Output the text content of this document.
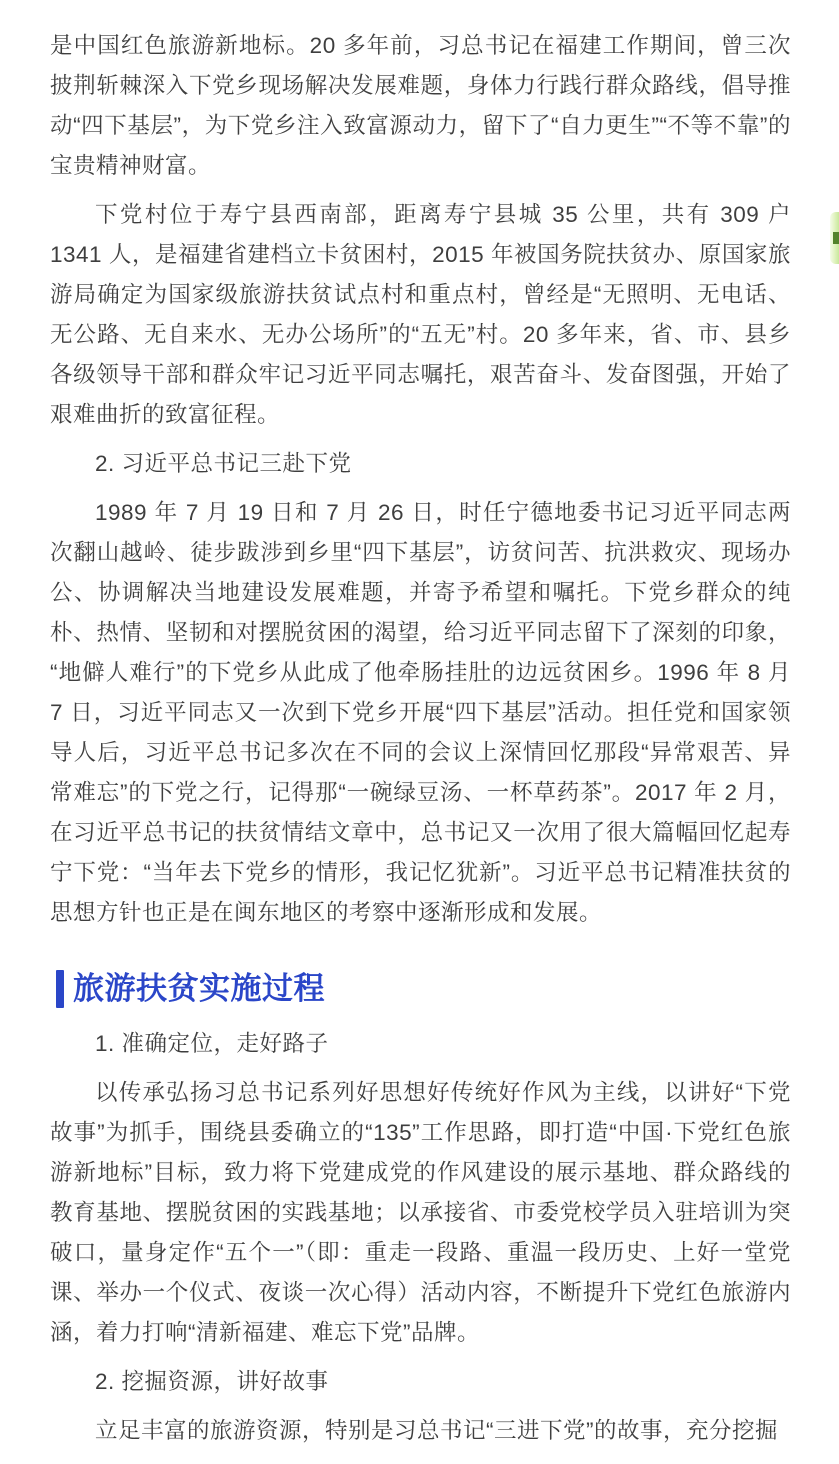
是中国红色旅游新地标。20 多年前，习总书记在福建工作期间，曾三次披荆斩棘深入下党乡现场解决发展难题，身体力行践行群众路线，倡导推动“四下基层”，为下党乡注入致富源动力，留下了“自力更生”“不等不靠”的宝贵精神财富。

下党村位于寿宁县西南部，距离寿宁县城 35 公里，共有 309 户 1341 人，是福建省建档立卡贫困村，2015 年被国务院扶贫办、原国家旅游局确定为国家级旅游扶贫试点村和重点村，曾经是“无照明、无电话、无公路、无自来水、无办公场所”的“五无”村。20 多年来，省、市、县乡各级领导干部和群众牢记习近平同志嘱托，艰苦奋斗、发奋图强，开始了艰难曲折的致富征程。

2. 习近平总书记三赴下党

1989 年 7 月 19 日和 7 月 26 日，时任宁德地委书记习近平同志两次翻山越岭、徒步跋涉到乡里“四下基层”，访贫问苦、抗洪救灾、现场办公、协调解决当地建设发展难题，并寄予希望和嘱托。下党乡群众的纯朴、热情、坚韧和对摆脱贫困的渴望，给习近平同志留下了深刻的印象，“地僻人难行”的下党乡从此成了他牵肠挂肚的边远贫困乡。1996 年 8 月 7 日，习近平同志又一次到下党乡开展“四下基层”活动。担任党和国家领导人后，习近平总书记多次在不同的会议上深情回忆那段“异常艰苦、异常难忘”的下党之行，记得那“一碗绿豆汤、一杯草药茶”。2017 年 2 月，在习近平总书记的扶贫情结文章中，总书记又一次用了很大篇幅回忆起寿宁下党：“当年去下党乡的情形，我记忆犹新”。习近平总书记精准扶贫的思想方针也正是在闽东地区的考察中逐渐形成和发展。

旅游扶贫实施过程

1. 准确定位，走好路子

以传承弘扬习总书记系列好思想好传统好作风为主线，以讲好“下党故事”为抓手，围绕县委确立的“135”工作思路，即打造“中国·下党红色旅游新地标”目标，致力将下党建成党的作风建设的展示基地、群众路线的教育基地、摆脱贫困的实践基地；以承接省、市委党校学员入驻培训为突破口，量身定作“五个一”（即：重走一段路、重温一段历史、上好一堂党课、举办一个仪式、夜谈一次心得）活动内容，不断提升下党红色旅游内涵，着力打响“清新福建、难忘下党”品牌。

2. 挖掘资源，讲好故事

立足丰富的旅游资源，特别是习总书记“三进下党”的故事，充分挖掘
